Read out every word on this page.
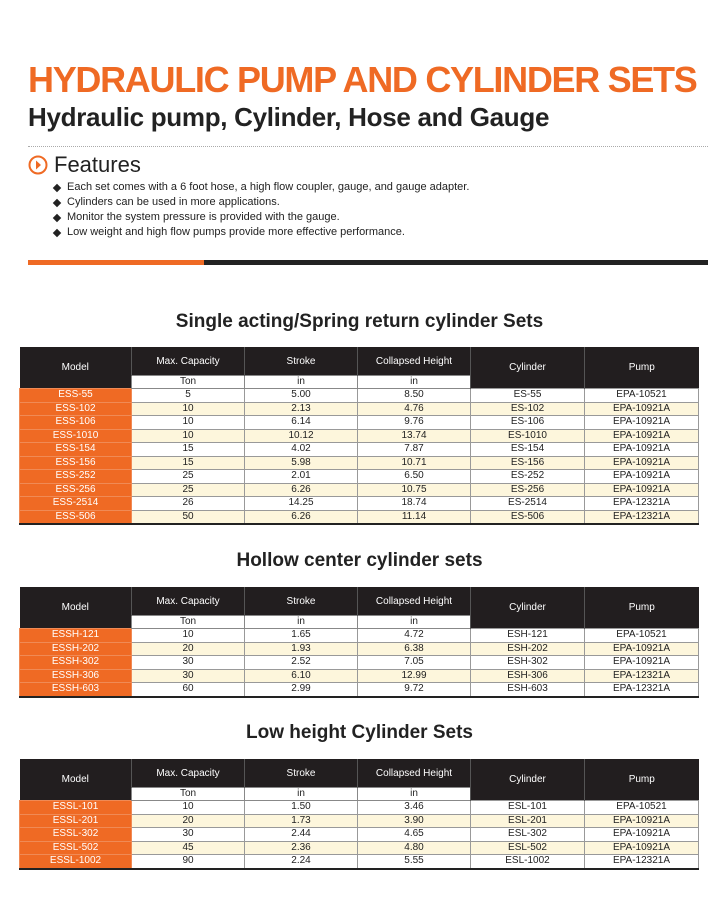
HYDRAULIC PUMP AND CYLINDER SETS
Hydraulic pump, Cylinder, Hose and Gauge
Features
Each set comes with a 6 foot hose, a high flow coupler, gauge, and gauge adapter.
Cylinders can be used in more applications.
Monitor the system pressure is provided with the gauge.
Low weight and high flow pumps provide more effective performance.
Single acting/Spring return cylinder Sets
Model	Max. Capacity	Stroke	Collapsed Height	Cylinder	Pump
	Ton	in	in		
ESS-55	5	5.00	8.50	ES-55	EPA-10521
ESS-102	10	2.13	4.76	ES-102	EPA-10921A
ESS-106	10	6.14	9.76	ES-106	EPA-10921A
ESS-1010	10	10.12	13.74	ES-1010	EPA-10921A
ESS-154	15	4.02	7.87	ES-154	EPA-10921A
ESS-156	15	5.98	10.71	ES-156	EPA-10921A
ESS-252	25	2.01	6.50	ES-252	EPA-10921A
ESS-256	25	6.26	10.75	ES-256	EPA-10921A
ESS-2514	26	14.25	18.74	ES-2514	EPA-12321A
ESS-506	50	6.26	11.14	ES-506	EPA-12321A
Hollow center cylinder sets
Model	Max. Capacity	Stroke	Collapsed Height	Cylinder	Pump
	Ton	in	in		
ESSH-121	10	1.65	4.72	ESH-121	EPA-10521
ESSH-202	20	1.93	6.38	ESH-202	EPA-10921A
ESSH-302	30	2.52	7.05	ESH-302	EPA-10921A
ESSH-306	30	6.10	12.99	ESH-306	EPA-12321A
ESSH-603	60	2.99	9.72	ESH-603	EPA-12321A
Low height Cylinder Sets
Model	Max. Capacity	Stroke	Collapsed Height	Cylinder	Pump
	Ton	in	in		
ESSL-101	10	1.50	3.46	ESL-101	EPA-10521
ESSL-201	20	1.73	3.90	ESL-201	EPA-10921A
ESSL-302	30	2.44	4.65	ESL-302	EPA-10921A
ESSL-502	45	2.36	4.80	ESL-502	EPA-10921A
ESSL-1002	90	2.24	5.55	ESL-1002	EPA-12321A
